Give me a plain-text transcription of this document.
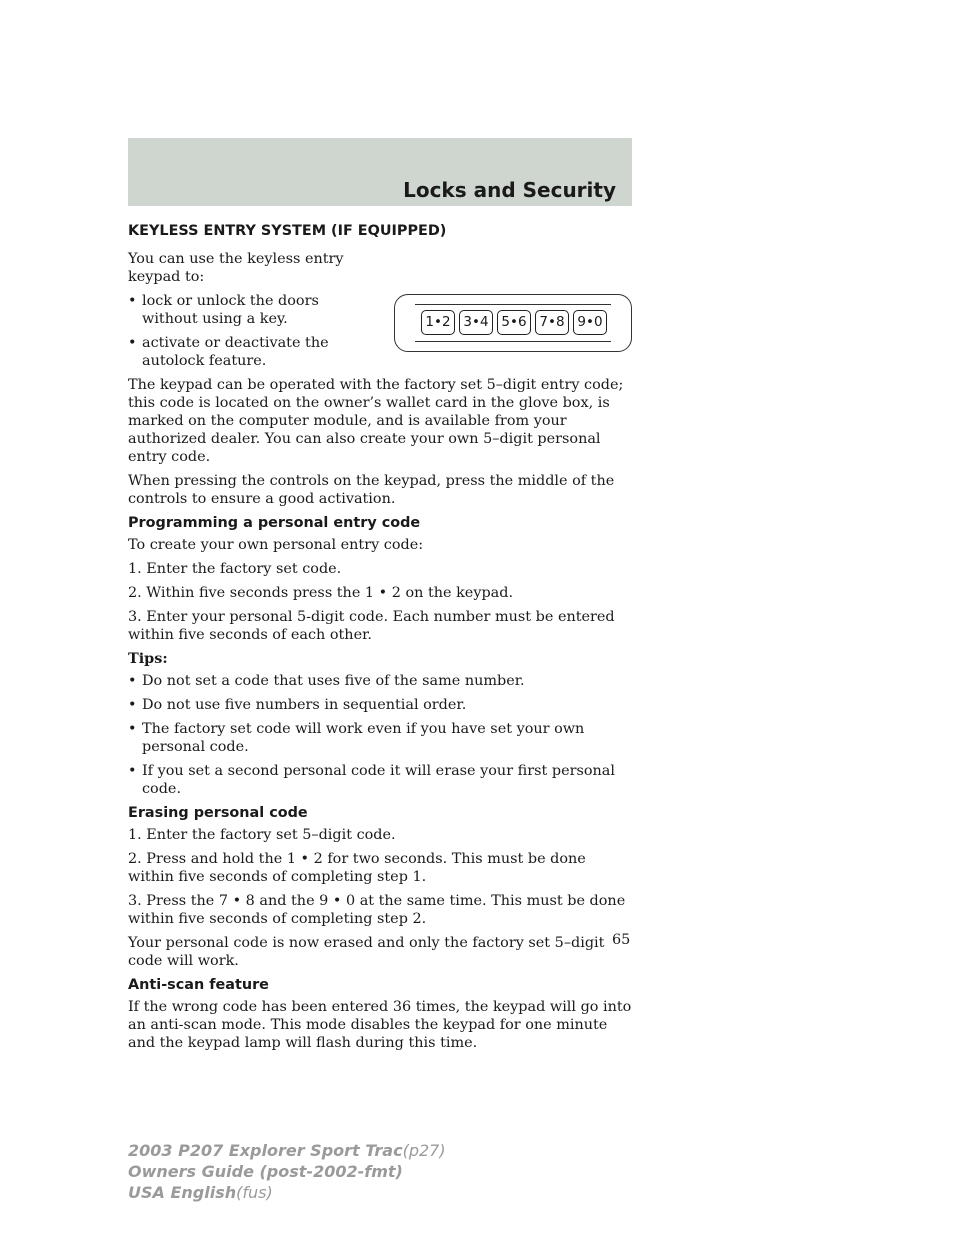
Locks and Security
KEYLESS ENTRY SYSTEM (IF EQUIPPED)

You can use the keyless entry keypad to:

• lock or unlock the doors without using a key.
• activate or deactivate the autolock feature.
1•2 3•4 5•6 7•8 9•0

The keypad can be operated with the factory set 5–digit entry code; this code is located on the owner’s wallet card in the glove box, is marked on the computer module, and is available from your authorized dealer. You can also create your own 5–digit personal entry code.

When pressing the controls on the keypad, press the middle of the controls to ensure a good activation.

Programming a personal entry code

To create your own personal entry code:

1. Enter the factory set code.

2. Within five seconds press the 1 • 2 on the keypad.

3. Enter your personal 5-digit code. Each number must be entered within five seconds of each other.

Tips:
• Do not set a code that uses five of the same number.
• Do not use five numbers in sequential order.
• The factory set code will work even if you have set your own personal code.
• If you set a second personal code it will erase your first personal code.
Erasing personal code

1. Enter the factory set 5–digit code.

2. Press and hold the 1 • 2 for two seconds. This must be done within five seconds of completing step 1.

3. Press the 7 • 8 and the 9 • 0 at the same time. This must be done within five seconds of completing step 2.

Your personal code is now erased and only the factory set 5–digit code will work.

Anti-scan feature

If the wrong code has been entered 36 times, the keypad will go into an anti-scan mode. This mode disables the keypad for one minute and the keypad lamp will flash during this time.

65
2003 P207 Explorer Sport Trac(p27)
Owners Guide (post-2002-fmt)
USA English(fus)
